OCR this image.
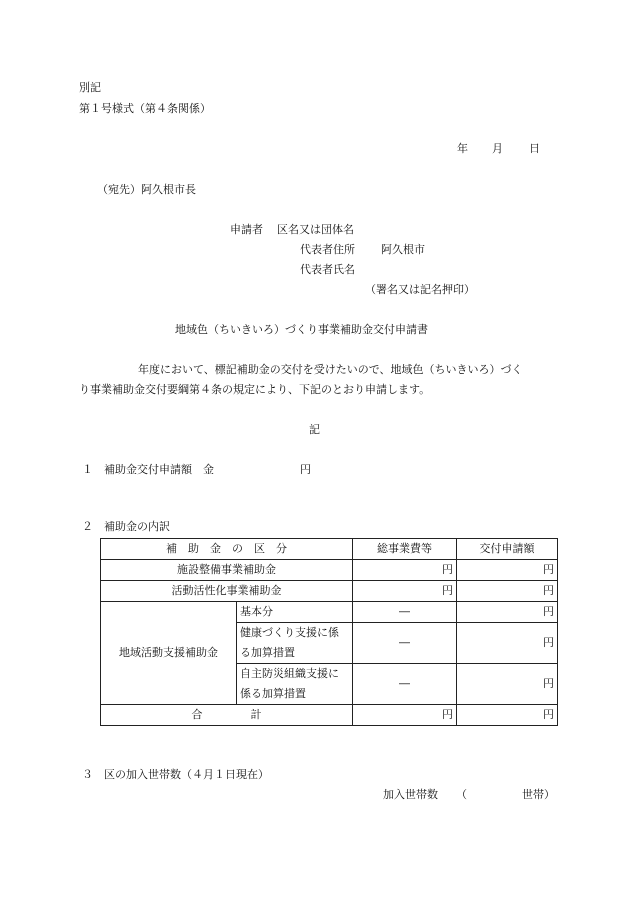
別記
第１号様式（第４条関係）
年 月 日
（宛先）阿久根市長
申請者 区名又は団体名
代表者住所 阿久根市
代表者氏名
（署名又は記名押印）
地域色（ちいきいろ）づくり事業補助金交付申請書
年度において、標記補助金の交付を受けたいので、地域色（ちいきいろ）づく
り事業補助金交付要綱第４条の規定により、下記のとおり申請します。
記
１ 補助金交付申請額　金	円
２ 補助金の内訳
補　助　金　の　区　分		総事業費等	交付申請額
施設整備事業補助金		円	円
活動活性化事業補助金		円	円
地域活動支援補助金	基本分	―	円

	健康づくり支援に係
る加算措置	―	円

	自主防災組織支援に
係る加算措置	―	円
合 計		円	円
３ 区の加入世帯数（４月１日現在）
加入世帯数 （	世帯）
